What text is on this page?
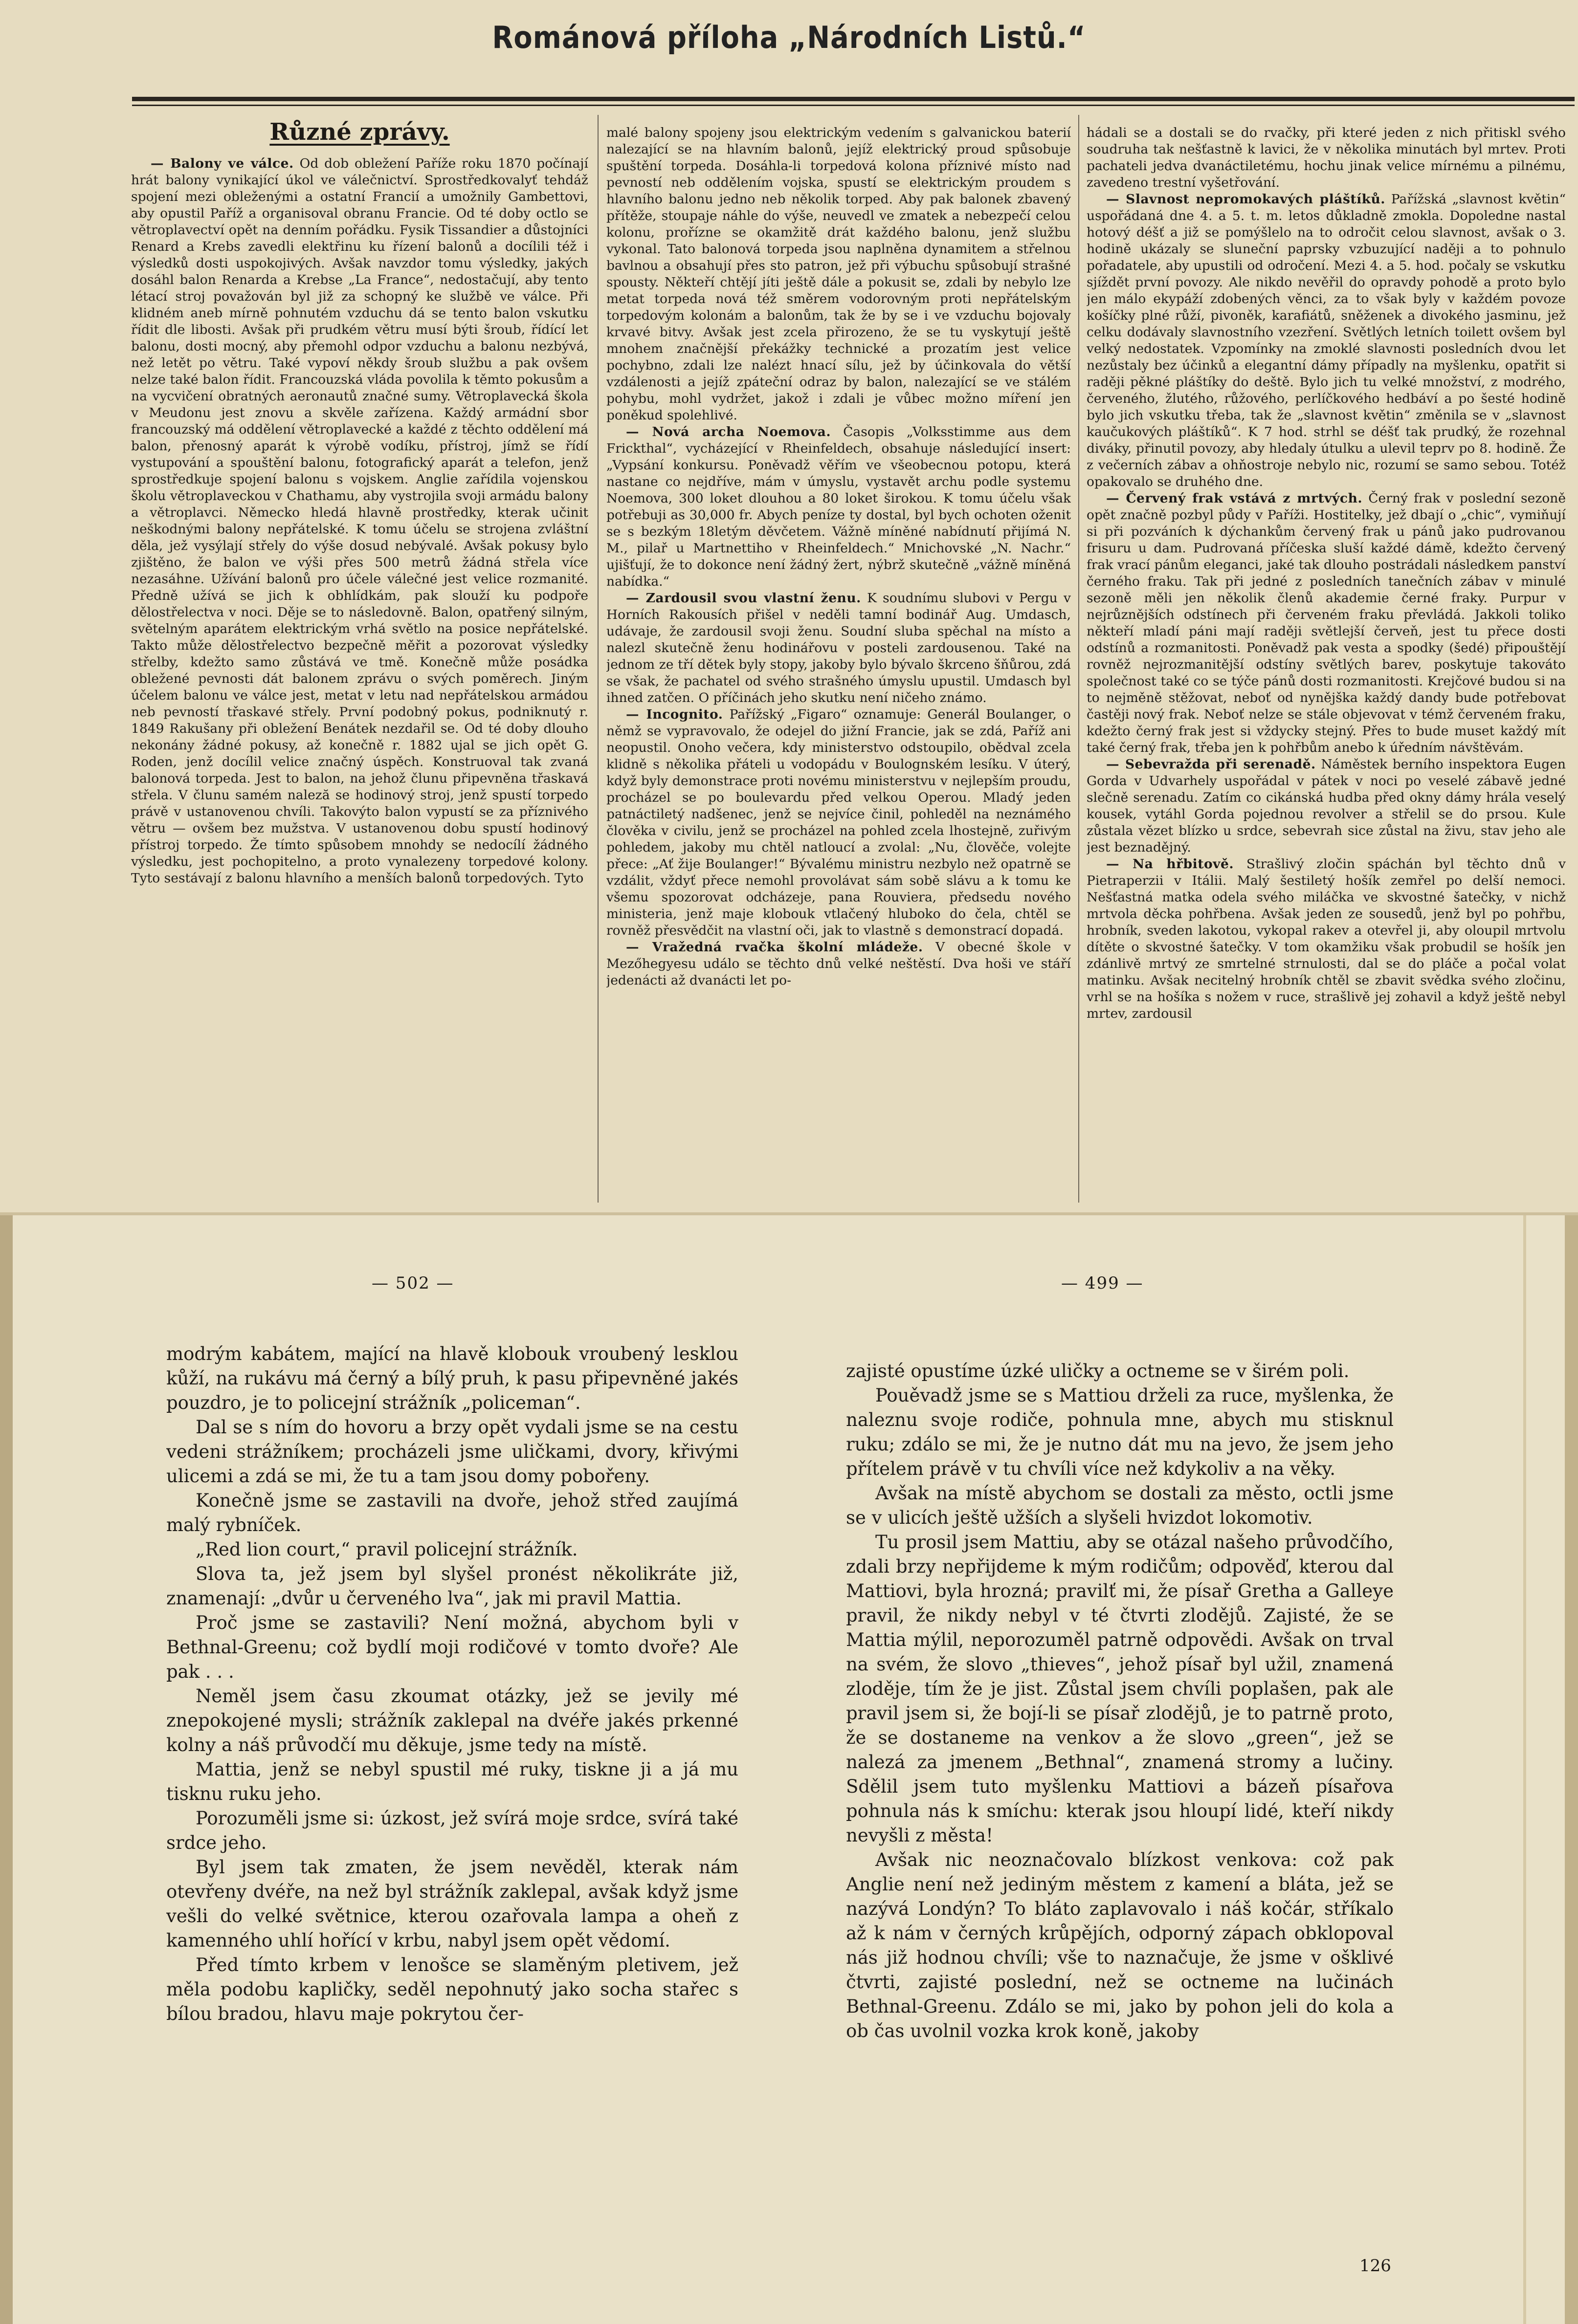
Románová příloha „Národních Listů.“
Různé zprávy.

— Balony ve válce. Od dob obležení Paříže roku 1870 počínají hrát balony vynikající úkol ve válečnictví. Sprostředkovalyť tehdáž spojení mezi obleženými a ostatní Francií a umožnily Gambettovi, aby opustil Paříž a organisoval obranu Francie. Od té doby octlo se větroplavectví opět na denním pořádku. Fysik Tissandier a důstojníci Renard a Krebs zavedli elektřinu ku řízení balonů a docílili též i výsledků dosti uspokojivých. Avšak navzdor tomu výsledky, jakých dosáhl balon Renarda a Krebse „La France“, nedostačují, aby tento létací stroj považován byl již za schopný ke službě ve válce. Při klidném aneb mírně pohnutém vzduchu dá se tento balon vskutku řídit dle libosti. Avšak při prudkém větru musí býti šroub, řídící let balonu, dosti mocný, aby přemohl odpor vzduchu a balonu nezbývá, než letět po větru. Také vypoví někdy šroub službu a pak ovšem nelze také balon řídit. Francouzská vláda povolila k těmto pokusům a na vycvičení obratných aeronautů značné sumy. Větroplavecká škola v Meudonu jest znovu a skvěle zařízena. Každý armádní sbor francouzský má oddělení větroplavecké a každé z těchto oddělení má balon, přenosný aparát k výrobě vodíku, přístroj, jímž se řídí vystupování a spouštění balonu, fotografický aparát a telefon, jenž sprostředkuje spojení balonu s vojskem. Anglie zařídila vojenskou školu větroplaveckou v Chathamu, aby vystrojila svoji armádu balony a větroplavci. Německo hledá hlavně prostředky, kterak učinit neškodnými balony nepřátelské. K tomu účelu se strojena zvláštní děla, jež vysýlají střely do výše dosud nebývalé. Avšak pokusy bylo zjištěno, že balon ve výši přes 500 metrů žádná střela více nezasáhne. Užívání balonů pro účele válečné jest velice rozmanité. Předně užívá se jich k obhlídkám, pak slouží ku podpoře dělostřelectva v noci. Děje se to následovně. Balon, opatřený silným, světelným aparátem elektrickým vrhá světlo na posice nepřátelské. Takto může dělostřelectvo bezpečně měřit a pozorovat výsledky střelby, kdežto samo zůstává ve tmě. Konečně může posádka obležené pevnosti dát balonem zprávu o svých poměrech. Jiným účelem balonu ve válce jest, metat v letu nad nepřátelskou armádou neb pevností třaskavé střely. První podobný pokus, podniknutý r. 1849 Rakušany při obležení Benátek nezdařil se. Od té doby dlouho nekonány žádné pokusy, až konečně r. 1882 ujal se jich opět G. Roden, jenž docílil velice značný úspěch. Konstruoval tak zvaná balonová torpeda. Jest to balon, na jehož člunu připevněna třaskavá střela. V člunu samém naleză se hodinový stroj, jenž spustí torpedo právě v ustanovenou chvíli. Takovýto balon vypustí se za příznivého větru — ovšem bez mužstva. V ustanovenou dobu spustí hodinový přístroj torpedo. Že tímto spůsobem mnohdy se nedocílí žádného výsledku, jest pochopitelno, a proto vynalezeny torpedové kolony. Tyto sestávají z balonu hlavního a menších balonů torpedových. Tyto

malé balony spojeny jsou elektrickým vedením s galvanickou baterií nalezající se na hlavním balonů, jejíž elektrický proud spůsobuje spuštění torpeda. Dosáhla-li torpedová kolona příznivé místo nad pevností neb oddělením vojska, spustí se elektrickým proudem s hlavního balonu jedno neb několik torped. Aby pak balonek zbavený přítěže, stoupaje náhle do výše, neuvedl ve zmatek a nebezpečí celou kolonu, proříznе se okamžitě drát každého balonu, jenž službu vykonal. Tato balonová torpeda jsou naplněna dynamitem a střelnou bavlnou a obsahují přes sto patron, jež při výbuchu spůsobují strašné spousty. Někteří chtějí jíti ještě dále a pokusit se, zdali by nebylo lze metat torpeda nová též směrem vodorovným proti nepřátelským torpedovým kolonám a balonům, tak že by se i ve vzduchu bojovaly krvavé bitvy. Avšak jest zcela přirozeno, že se tu vyskytují ještě mnohem značnější překážky technické a prozatím jest velice pochybno, zdali lze nalézt hnací sílu, jež by účinkovala do větší vzdálenosti a jejíž zpáteční odraz by balon, nalezající se ve stálém pohybu, mohl vydržet, jakož i zdali je vůbec možno míření jen poněkud spolehlivé.

— Nová archa Noemova. Časopis „Volksstimme aus dem Frickthal“, vycházející v Rheinfeldech, obsahuje následující insert: „Vypsání konkursu. Poněvadž věřím ve všeobecnou potopu, která nastane co nejdříve, mám v úmyslu, vystavět archu podle systemu Noemova, 300 loket dlouhou a 80 loket širokou. K tomu účelu však potřebuji as 30,000 fr. Abych peníze ty dostal, byl bych ochoten oženit se s bezkým 18letým děvčetem. Vážně míněné nabídnutí přijímá N. M., pilař u Martnettiho v Rheinfeldech.“ Mnichovské „N. Nachr.“ ujišťují, že to dokonce není žádný žert, nýbrž skutečně „vážně míněná nabídka.“

— Zardousil svou vlastní ženu. K soudnímu slubovi v Pergu v Horních Rakousích přišel v neděli tamní bodinář Aug. Umdasch, udávaje, že zardousil svoji ženu. Soudní sluba spěchal na místo a nalezl skutečně ženu hodinářovu v posteli zardousenou. Také na jednom ze tří dětek byly stopy, jakoby bylo bývalo škrceno šňůrou, zdá se však, že pachatel od svého strašného úmyslu upustil. Umdasch byl ihned zatčen. O příčinách jeho skutku není ničeho známo.

— Incognito. Pařížský „Figaro“ oznamuje: Generál Boulanger, o němž se vypravovalo, že odejel do jižní Francie, jak se zdá, Paříž ani neopustil. Onoho večera, kdy ministerstvo odstoupilo, obědval zcela klidně s několika přáteli u vodopádu v Boulognském lesíku. V úterý, když byly demonstrace proti novému ministerstvu v nejlepším proudu, procházel se po boulevardu před velkou Operou. Mladý jeden patnáctiletý nadšenec, jenž se nejvíce činil, pohleděl na neznámého člověka v civilu, jenž se procházel na pohled zcela lhostejně, zuřivým pohledem, jakoby mu chtěl natloucí a zvolal: „Nu, člověče, volejte přece: „Ať žije Boulanger!“ Bývalému ministru nezbylo než opatrně se vzdálit, vždyť přece nemohl provolávat sám sobě slávu a k tomu ke všemu spozorovat odcházeje, pana Rouviera, předsedu nového ministeria, jenž maje klobouk vtlačený hluboko do čela, chtěl se rovněž přesvědčit na vlastní oči, jak to vlastně s demonstrací dopadá.

— Vražedná rvačka školní mládeže. V obecné škole v Mezőhegyesu událo se těchto dnů velké neštěstí. Dva hoši ve stáří jedenácti až dvanácti let po-

hádali se a dostali se do rvačky, při které jeden z nich přitiskl svého soudruha tak nešťastně k lavici, že v několika minutách byl mrtev. Proti pachateli jedva dvanáctiletému, hochu jinak velice mírnému a pilnému, zavedeno trestní vyšetřování.

— Slavnost nepromokavých pláštíků. Pařížská „slavnost květin“ uspořádaná dne 4. a 5. t. m. letos důkladně zmokla. Dopoledne nastal hotový déšť a již se pomýšlelo na to odročit celou slavnost, avšak o 3. hodině ukázaly se sluneční paprsky vzbuzující naději a to pohnulo pořadatele, aby upustili od odročení. Mezi 4. a 5. hod. počaly se vskutku sjíždět první povozy. Ale nikdo nevěřil do opravdy pohodě a proto bylo jen málo ekypáží zdobených věnci, za to však byly v každém povoze košíčky plné růží, pivoněk, karafiátů, sněženek a divokého jasminu, jež celku dodávaly slavnostního vzezření. Světlých letních toilett ovšem byl velký nedostatek. Vzpomínky na zmoklé slavnosti posledních dvou let nezůstaly bez účinků a elegantní dámy případly na myšlenku, opatřit si raději pěkné pláštíky do deště. Bylo jich tu velké množství, z modrého, červeného, žlutého, růžového, perlíčkového hedbáví a po šesté hodině bylo jich vskutku třeba, tak že „slavnost květin“ změnila se v „slavnost kaučukových pláštíků“. K 7 hod. strhl se déšť tak prudký, že rozehnal diváky, přinutil povozy, aby hledaly útulku a ulevil teprv po 8. hodině. Že z večerních zábav a ohňostroje nebylo nic, rozumí se samo sebou. Totéž opakovalo se druhého dne.

— Červený frak vstává z mrtvých. Černý frak v poslední sezoně opět značně pozbyl půdy v Paříži. Hostitelky, jež dbají o „chic“, vymiňují si při pozváních k dýchankům červený frak u pánů jako pudrovanou frisuru u dam. Pudrovaná příčeska sluší každé dámě, kdežto červený frak vrací pánům eleganci, jaké tak dlouho postrádali následkem panství černého fraku. Tak při jedné z posledních tanečních zábav v minulé sezoně měli jen několik členů akademie černé fraky. Purpur v nejrůznějších odstínech při červeném fraku převládá. Jakkoli toliko někteří mladí páni mají raději světlejší červeň, jest tu přece dosti odstínů a rozmanitosti. Poněvadž pak vesta a spodky (šedé) připouštějí rovněž nejrozmanitější odstíny světlých barev, poskytuje takováto společnost také co se týče pánů dosti rozmanitosti. Krejčové budou si na to nejměně stěžovat, neboť od nynějška každý dandy bude potřebovat častěji nový frak. Neboť nelze se stále objevovat v témž červeném fraku, kdežto černý frak jest si vždycky stejný. Přes to bude muset každý mít také černý frak, třeba jen k pohřbům anebo k úředním návštěvám.

— Sebevražda při serenadě. Náměstek berního inspektora Eugen Gorda v Udvarhely uspořádal v pátek v noci po veselé zábavě jedné slečně serenadu. Zatím co cikánská hudba před okny dámy hrála veselý kousek, vytáhl Gorda pojednou revolver a střelil se do prsou. Kule zůstala vězet blízko u srdce, sebevrah sice zůstal na živu, stav jeho ale jest beznadějný.

— Na hřbitově. Strašlivý zločin spáchán byl těchto dnů v Pietraperzii v Itálii. Malý šestiletý hošík zemřel po delší nemoci. Nešťastná matka odela svého miláčka ve skvostné šatečky, v nichž mrtvola děcka pohřbena. Avšak jeden ze sousedů, jenž byl po pohřbu, hrobník, sveden lakotou, vykopal rakev a otevřel ji, aby oloupil mrtvolu dítěte o skvostné šatečky. V tom okamžiku však probudil se hošík jen zdánlivě mrtvý ze smrtelné strnulosti, dal se do pláče a počal volat matinku. Avšak necitelný hrobník chtěl se zbavit svědka svého zločinu, vrhl se na hošíka s nožem v ruce, strašlivě jej zohavil a když ještě nebyl mrtev, zardousil

— 502 —	— 499 —

modrým kabátem, mající na hlavě klobouk vroubený lesklou kůží, na rukávu má černý a bílý pruh, k pasu připevněné jakés pouzdro, je to policejní strážník „policeman“.

Dal se s ním do hovoru a brzy opět vydali jsme se na cestu vedeni strážníkem; procházeli jsme uličkami, dvory, křivými ulicemi a zdá se mi, že tu a tam jsou domy pobořeny.

Konečně jsme se zastavili na dvoře, jehož střed zaujímá malý rybníček.

„Red lion court,“ pravil policejní strážník.

Slova ta, jež jsem byl slyšel pronést několikráte již, znamenají: „dvůr u červeného lva“, jak mi pravil Mattia.

Proč jsme se zastavili? Není možná, abychom byli v Bethnal-Greenu; což bydlí moji rodičové v tomto dvoře? Ale pak . . .

Neměl jsem času zkoumat otázky, jež se jevily mé znepokojené mysli; strážník zaklepal na dvéře jakés prkenné kolny a náš průvodčí mu děkuje, jsme tedy na místě.

Mattia, jenž se nebyl spustil mé ruky, tiskne ji a já mu tisknu ruku jeho.

Porozuměli jsme si: úzkost, jež svírá moje srdce, svírá také srdce jeho.

Byl jsem tak zmaten, že jsem nevěděl, kterak nám otevřeny dvéře, na než byl strážník zaklepal, avšak když jsme vešli do velké světnice, kterou ozařovala lampa a oheň z kamenného uhlí hořící v krbu, nabyl jsem opět vědomí.

Před tímto krbem v lenošce se slaměným pletivem, jež měla podobu kapličky, seděl nepohnutý jako socha stařec s bílou bradou, hlavu maje pokrytou čer-

zajisté opustíme úzké uličky a octneme se v širém poli.

Pouěvadž jsme se s Mattiou drželi za ruce, myšlenka, že naleznu svoje rodiče, pohnula mne, abych mu stisknul ruku; zdálo se mi, že je nutno dát mu na jevo, že jsem jeho přítelem právě v tu chvíli více než kdykoliv a na věky.

Avšak na místě abychom se dostali za město, octli jsme se v ulicích ještě užších a slyšeli hvizdot lokomotiv.

Tu prosil jsem Mattiu, aby se otázal našeho průvodčího, zdali brzy nepřijdeme k mým rodičům; odpověď, kterou dal Mattiovi, byla hrozná; pravilť mi, že písař Gretha a Galleye pravil, že nikdy nebyl v té čtvrti zlodějů. Zajisté, že se Mattia mýlil, neporozuměl patrně odpovědi. Avšak on trval na svém, že slovo „thieves“, jehož písař byl užil, znamená zloděje, tím že je jist. Zůstal jsem chvíli poplašen, pak ale pravil jsem si, že bojí-li se písař zlodějů, je to patrně proto, že se dostaneme na venkov a že slovo „green“, jež se nalezá za jmenem „Bethnal“, znamená stromy a lučiny. Sdělil jsem tuto myšlenku Mattiovi a bázeň písařova pohnula nás k smíchu: kterak jsou hloupí lidé, kteří nikdy nevyšli z města!

Avšak nic neoznačovalo blízkost venkova: což pak Anglie není než jediným městem z kamení a bláta, jež se nazývá Londýn? To bláto zaplavovalo i náš kočár, stříkalo až k nám v černých krůpějích, odporný zápach obklopoval nás již hodnou chvíli; vše to naznačuje, že jsme v ošklivé čtvrti, zajisté poslední, než se octneme na lučinách Bethnal-Greenu. Zdálo se mi, jako by pohon jeli do kola a ob čas uvolnil vozka krok koně, jakoby

126
